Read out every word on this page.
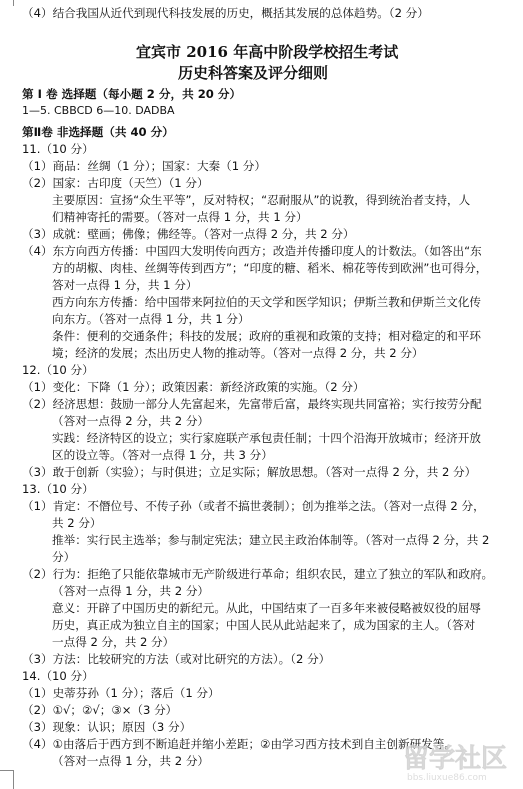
（4）结合我国从近代到现代科技发展的历史，概括其发展的总体趋势。（2 分）
宜宾市 2016 年高中阶段学校招生考试
历史科答案及评分细则
第 I 卷 选择题（每小题 2 分，共 20 分）
1—5. CBBCD 6—10. DADBA
第Ⅱ卷 非选择题（共 40 分）
11.（10 分）
（1）商品：丝绸（1 分）；国家：大秦（1 分）
（2）国家：古印度（天竺）（1 分）
主要原因：宣扬“众生平等”，反对特权；“忍耐服从”的说教，得到统治者支持，人
们精神寄托的需要。（答对一点得 1 分，共 1 分）
（3）成就：壁画；佛像；佛经等。（答对一点得 2 分，共 2 分）
（4）东方向西方传播：中国四大发明传向西方；改造并传播印度人的计数法。（如答出“东
方的胡椒、肉桂、丝绸等传到西方”；“印度的糖、稻米、棉花等传到欧洲”也可得分，
答对一点得 1 分，共 1 分）
西方向东方传播：给中国带来阿拉伯的天文学和医学知识；伊斯兰教和伊斯兰文化传
向东方。（答对一点得 1 分，共 1 分）
条件：便利的交通条件；科技的发展；政府的重视和政策的支持；相对稳定的和平环
境；经济的发展；杰出历史人物的推动等。（答对一点得 2 分，共 2 分）
12.（10 分）
（1）变化：下降（1 分）；政策因素：新经济政策的实施。（2 分）
（2）经济思想：鼓励一部分人先富起来，先富带后富，最终实现共同富裕；实行按劳分配
（答对一点得 2 分，共 2 分）
实践：经济特区的设立；实行家庭联产承包责任制；十四个沿海开放城市；经济开放
区的设立等。（答对一点得 1 分，共 3 分）
（3）敢于创新（实验）；与时俱进；立足实际；解放思想。（答对一点得 2 分，共 2 分）
13.（10 分）
（1）肯定：不僭位号、不传子孙（或者不搞世袭制）；创为推举之法。（答对一点得 2 分，
共 2 分）
推举：实行民主选举；参与制定宪法；建立民主政治体制等。（答对一点得 2 分，共 2
分）
（2）行为：拒绝了只能依靠城市无产阶级进行革命；组织农民，建立了独立的军队和政府。
（答对一点得 1 分，共 2 分）
意义：开辟了中国历史的新纪元。从此，中国结束了一百多年来被侵略被奴役的屈辱
历史，真正成为独立自主的国家；中国人民从此站起来了，成为国家的主人。（答对
一点得 2 分，共 2 分）
（3）方法：比较研究的方法（或对比研究的方法）。（2 分）
14.（10 分）
（1）史蒂芬孙（1 分）；落后（1 分）
（2）①√；②√；③×（3 分）
（3）现象：认识；原因（3 分）
（4）①由落后于西方到不断追赶并缩小差距；②由学习西方技术到自主创新研发等。
（答对一点得 1 分，共 2 分）	留学社区
bbs.liuxue86.com
